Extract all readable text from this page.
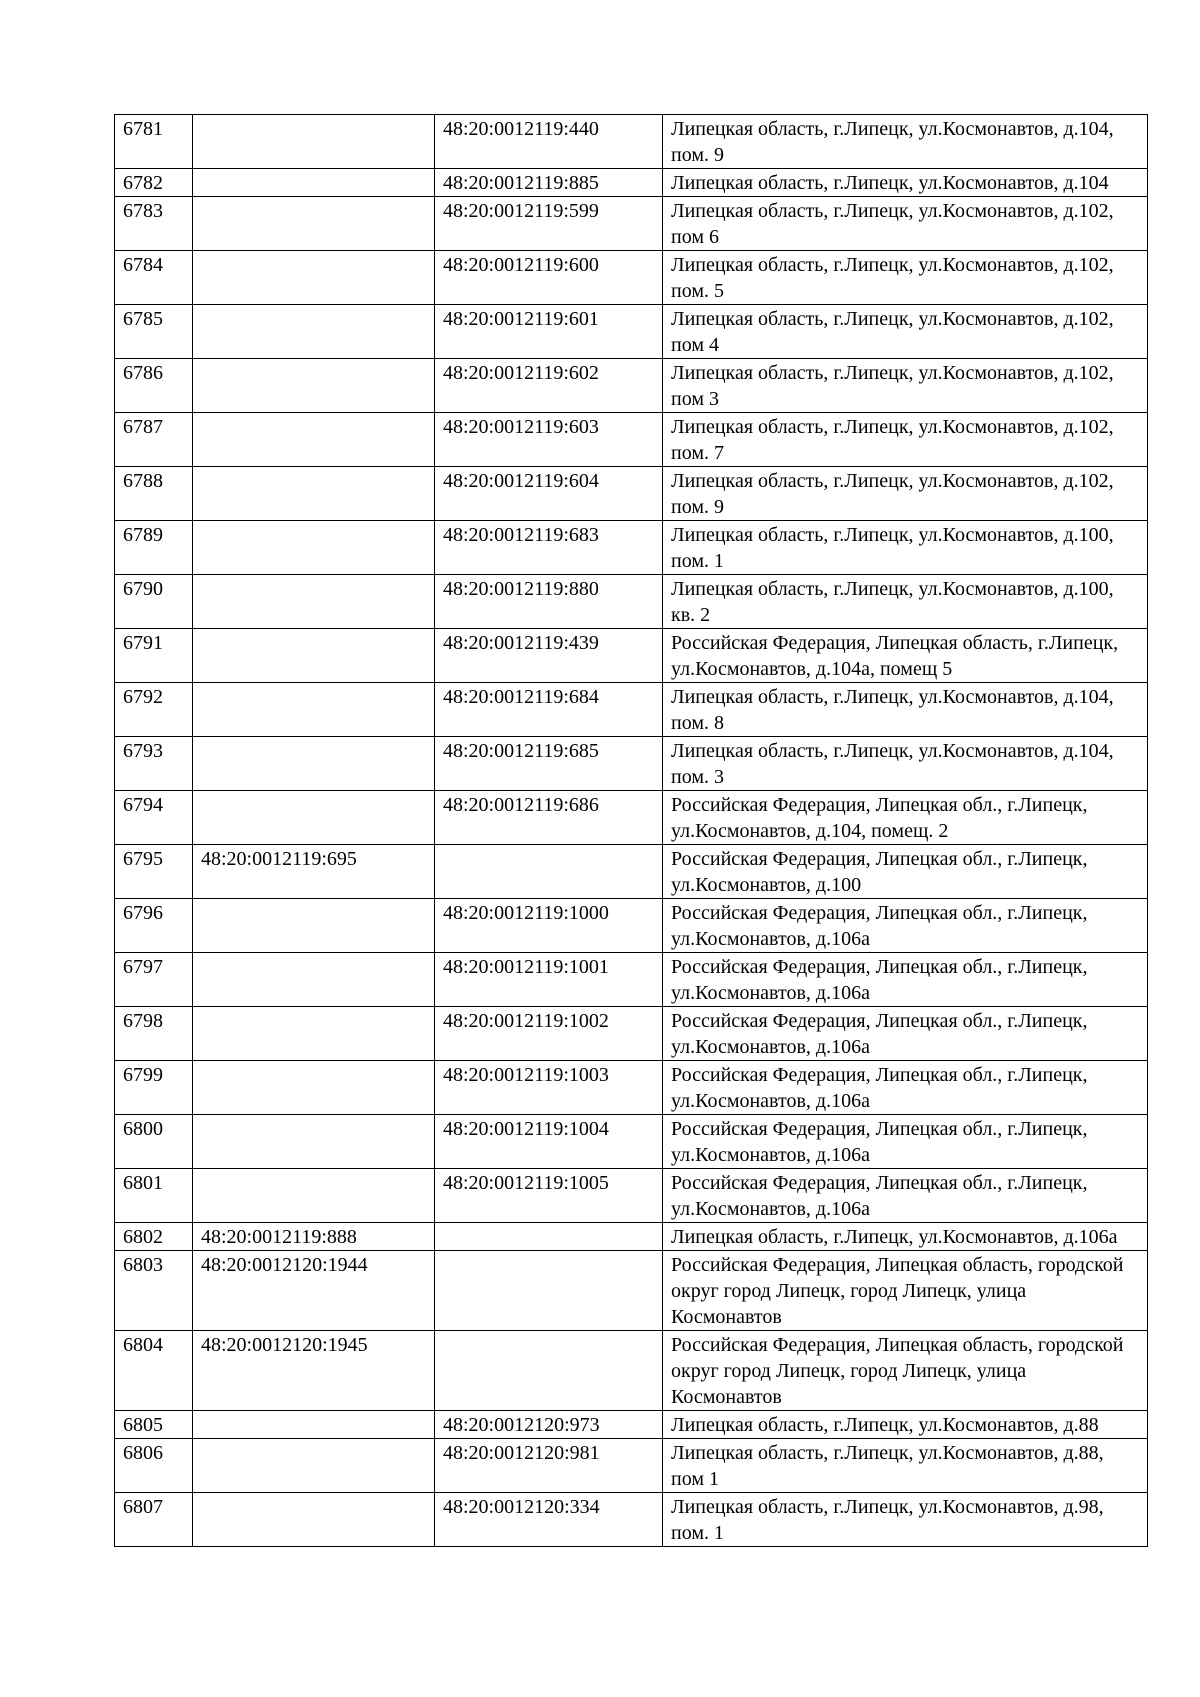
6781		48:20:0012119:440	Липецкая область, г.Липецк, ул.Космонавтов, д.104, пом. 9
6782		48:20:0012119:885	Липецкая область, г.Липецк, ул.Космонавтов, д.104
6783		48:20:0012119:599	Липецкая область, г.Липецк, ул.Космонавтов, д.102, пом 6
6784		48:20:0012119:600	Липецкая область, г.Липецк, ул.Космонавтов, д.102, пом. 5
6785		48:20:0012119:601	Липецкая область, г.Липецк, ул.Космонавтов, д.102, пом 4
6786		48:20:0012119:602	Липецкая область, г.Липецк, ул.Космонавтов, д.102, пом 3
6787		48:20:0012119:603	Липецкая область, г.Липецк, ул.Космонавтов, д.102, пом. 7
6788		48:20:0012119:604	Липецкая область, г.Липецк, ул.Космонавтов, д.102, пом. 9
6789		48:20:0012119:683	Липецкая область, г.Липецк, ул.Космонавтов, д.100, пом. 1
6790		48:20:0012119:880	Липецкая область, г.Липецк, ул.Космонавтов, д.100, кв. 2
6791		48:20:0012119:439	Российская Федерация, Липецкая область, г.Липецк, ул.Космонавтов, д.104а, помещ 5
6792		48:20:0012119:684	Липецкая область, г.Липецк, ул.Космонавтов, д.104, пом. 8
6793		48:20:0012119:685	Липецкая область, г.Липецк, ул.Космонавтов, д.104, пом. 3
6794		48:20:0012119:686	Российская Федерация, Липецкая обл., г.Липецк, ул.Космонавтов, д.104, помещ. 2
6795	48:20:0012119:695		Российская Федерация, Липецкая обл., г.Липецк, ул.Космонавтов, д.100
6796		48:20:0012119:1000	Российская Федерация, Липецкая обл., г.Липецк, ул.Космонавтов, д.106а
6797		48:20:0012119:1001	Российская Федерация, Липецкая обл., г.Липецк, ул.Космонавтов, д.106а
6798		48:20:0012119:1002	Российская Федерация, Липецкая обл., г.Липецк, ул.Космонавтов, д.106а
6799		48:20:0012119:1003	Российская Федерация, Липецкая обл., г.Липецк, ул.Космонавтов, д.106а
6800		48:20:0012119:1004	Российская Федерация, Липецкая обл., г.Липецк, ул.Космонавтов, д.106а
6801		48:20:0012119:1005	Российская Федерация, Липецкая обл., г.Липецк, ул.Космонавтов, д.106а
6802	48:20:0012119:888		Липецкая область, г.Липецк, ул.Космонавтов, д.106а
6803	48:20:0012120:1944		Российская Федерация, Липецкая область, городской округ город Липецк, город Липецк, улица Космонавтов
6804	48:20:0012120:1945		Российская Федерация, Липецкая область, городской округ город Липецк, город Липецк, улица Космонавтов
6805		48:20:0012120:973	Липецкая область, г.Липецк, ул.Космонавтов, д.88
6806		48:20:0012120:981	Липецкая область, г.Липецк, ул.Космонавтов, д.88, пом 1
6807		48:20:0012120:334	Липецкая область, г.Липецк, ул.Космонавтов, д.98, пом. 1
